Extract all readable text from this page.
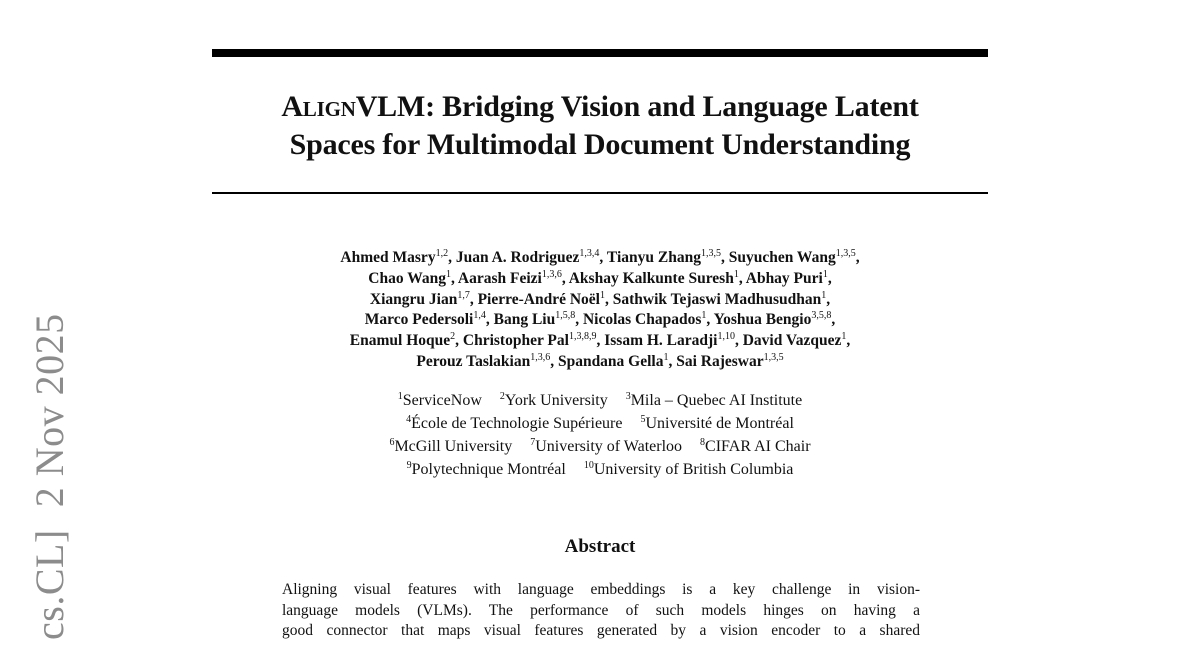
cs.CL]2 Nov 2025
AlignVLM: Bridging Vision and Language Latent
Spaces for Multimodal Document Understanding
Ahmed Masry$^{1,2}$, Juan A. Rodriguez$^{1,3,4}$, Tianyu Zhang$^{1,3,5}$, Suyuchen Wang$^{1,3,5}$,
Chao Wang$^1$, Aarash Feizi$^{1,3,6}$, Akshay Kalkunte Suresh$^1$, Abhay Puri$^1$,
Xiangru Jian$^{1,7}$, Pierre-André Noël$^1$, Sathwik Tejaswi Madhusudhan$^1$,
Marco Pedersoli$^{1,4}$, Bang Liu$^{1,5,8}$, Nicolas Chapados$^1$, Yoshua Bengio$^{3,5,8}$,
Enamul Hoque$^2$, Christopher Pal$^{1,3,8,9}$, Issam H. Laradji$^{1,10}$, David Vazquez$^1$,
Perouz Taslakian$^{1,3,6}$, Spandana Gella$^1$, Sai Rajeswar$^{1,3,5}$
$^1$ServiceNow $^2$York University $^3$Mila – Quebec AI Institute
$^4$École de Technologie Supérieure $^5$Université de Montréal
$^6$McGill University $^7$University of Waterloo $^8$CIFAR AI Chair
$^9$Polytechnique Montréal $^{10}$University of British Columbia
Abstract
Aligning visual features with language embeddings is a key challenge in vision-
language models (VLMs). The performance of such models hinges on having a
good connector that maps visual features generated by a vision encoder to a shared
